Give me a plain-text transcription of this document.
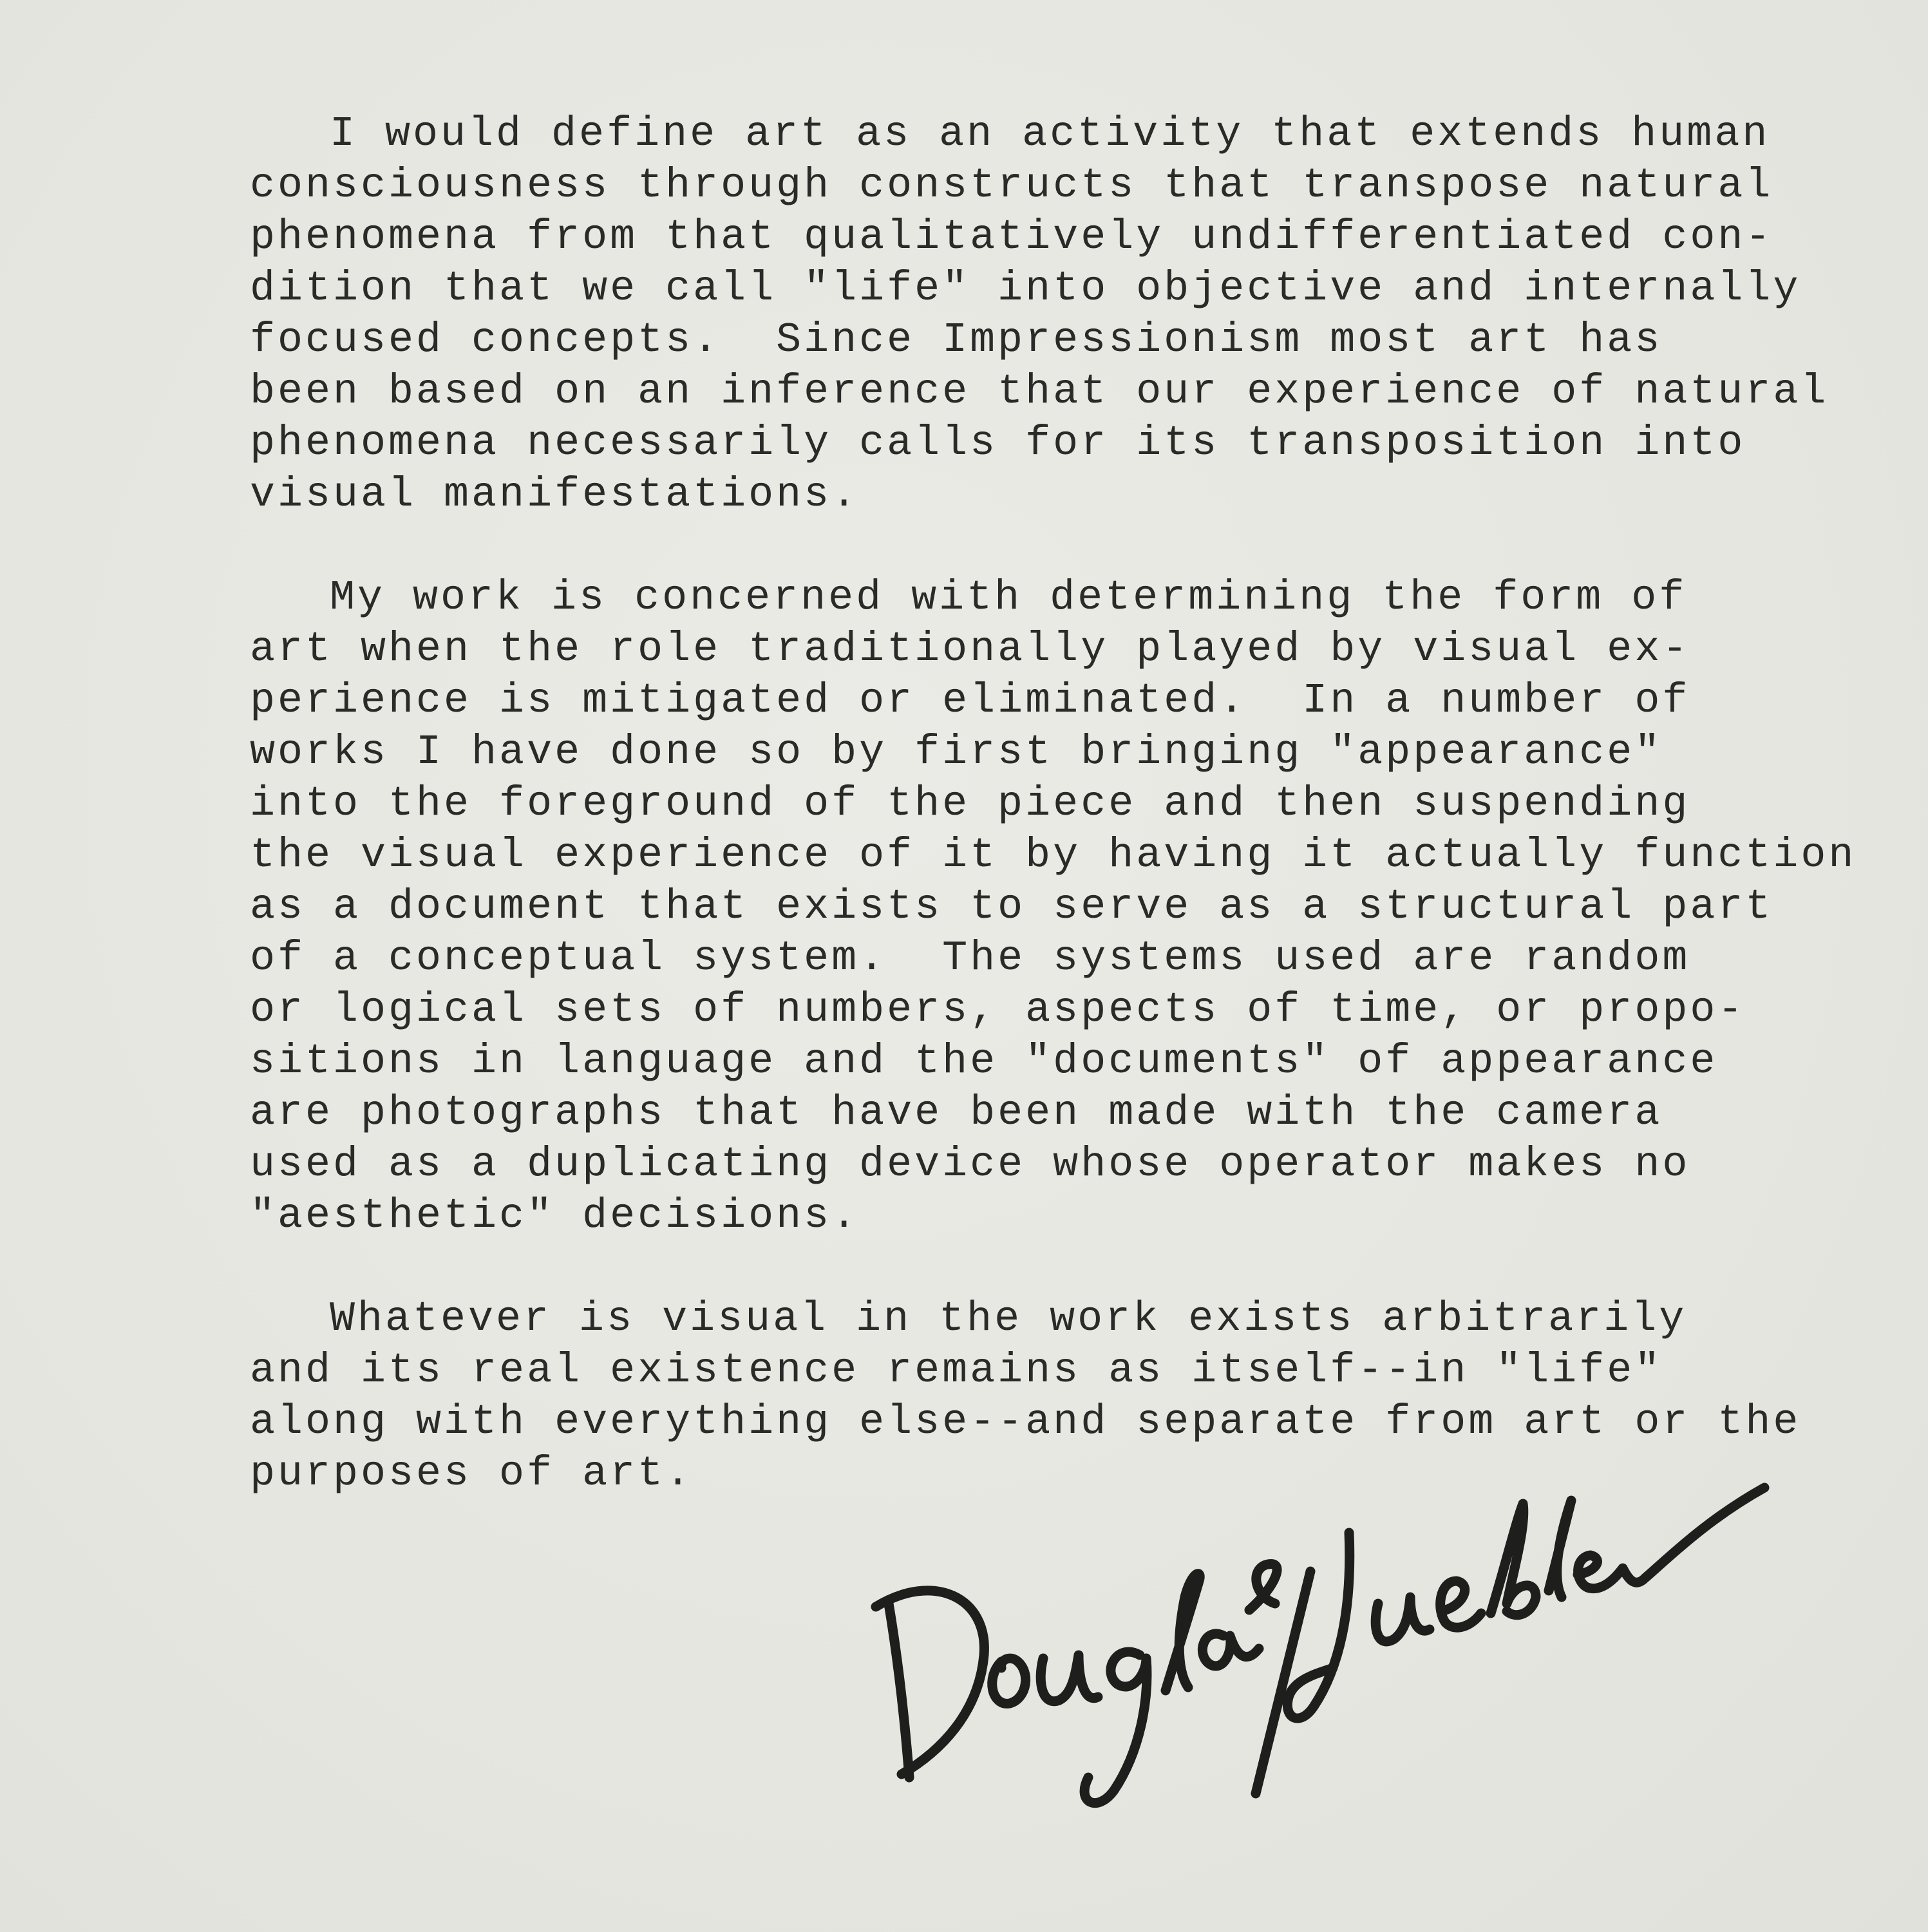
I would define art as an activity that extends human
consciousness through constructs that transpose natural
phenomena from that qualitatively undifferentiated con-
dition that we call "life" into objective and internally
focused concepts.  Since Impressionism most art has
been based on an inference that our experience of natural
phenomena necessarily calls for its transposition into
visual manifestations.

My work is concerned with determining the form of
art when the role traditionally played by visual ex-
perience is mitigated or eliminated.  In a number of
works I have done so by first bringing "appearance"
into the foreground of the piece and then suspending
the visual experience of it by having it actually function
as a document that exists to serve as a structural part
of a conceptual system.  The systems used are random
or logical sets of numbers, aspects of time, or propo-
sitions in language and the "documents" of appearance
are photographs that have been made with the camera
used as a duplicating device whose operator makes no
"aesthetic" decisions.

Whatever is visual in the work exists arbitrarily
and its real existence remains as itself--in "life"
along with everything else--and separate from art or the
purposes of art.
